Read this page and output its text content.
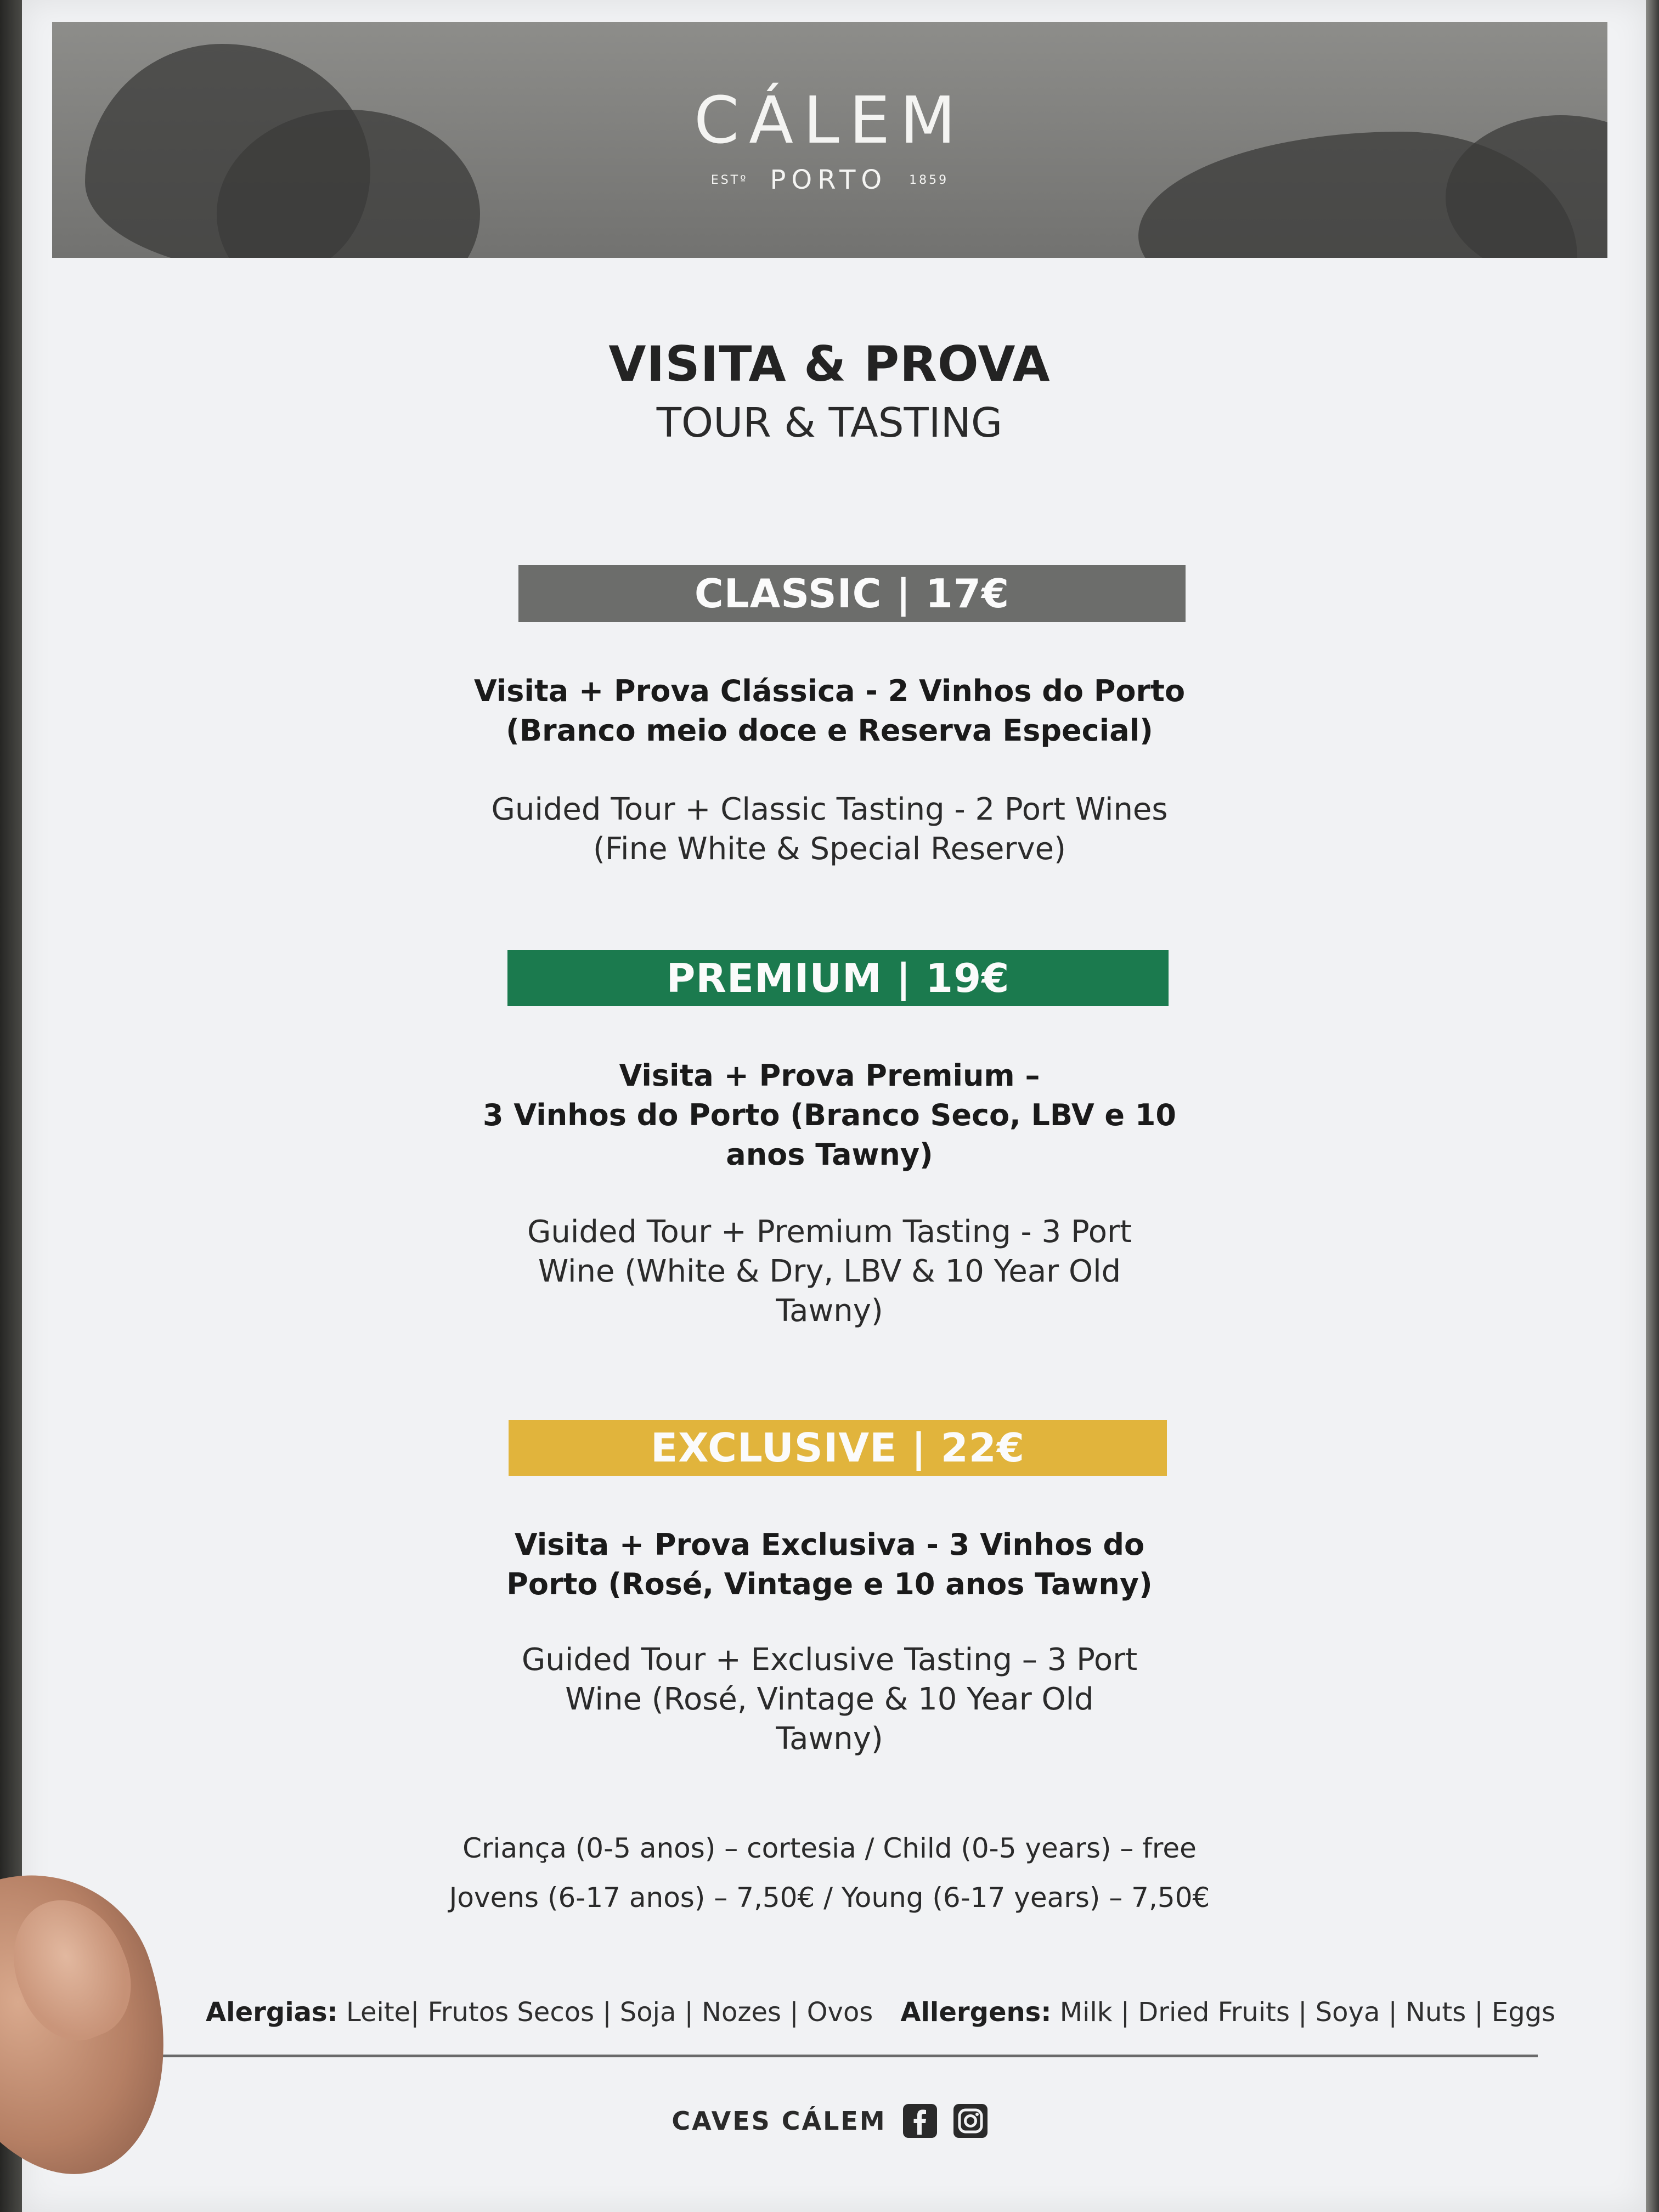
CÁLEM
ESTº PORTO 1859
VISITA & PROVA
TOUR & TASTING
CLASSIC | 17€
Visita + Prova Clássica - 2 Vinhos do Porto
(Branco meio doce e Reserva Especial)
Guided Tour + Classic Tasting - 2 Port Wines
(Fine White & Special Reserve)
PREMIUM | 19€
Visita + Prova Premium –
3 Vinhos do Porto (Branco Seco, LBV e 10
anos Tawny)
Guided Tour + Premium Tasting - 3 Port
Wine (White & Dry, LBV & 10 Year Old
Tawny)
EXCLUSIVE | 22€
Visita + Prova Exclusiva - 3 Vinhos do
Porto (Rosé, Vintage e 10 anos Tawny)
Guided Tour + Exclusive Tasting – 3 Port
Wine (Rosé, Vintage & 10 Year Old
Tawny)
Criança (0-5 anos) – cortesia / Child (0-5 years) – free
Jovens (6-17 anos) – 7,50€ / Young (6-17 years) – 7,50€
Alergias: Leite| Frutos Secos | Soja | Nozes | Ovos Allergens: Milk | Dried Fruits | Soya | Nuts | Eggs
CAVES CÁLEM
